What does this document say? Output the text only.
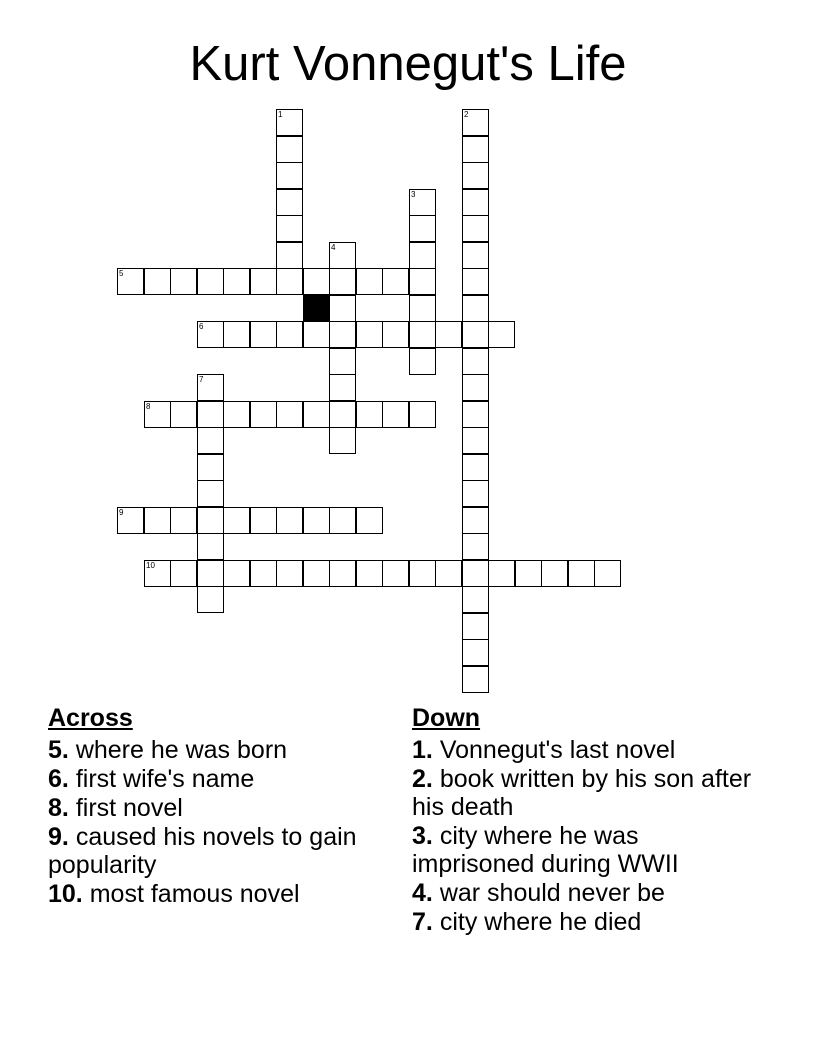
Kurt Vonnegut's Life
1	2
3
4
5
6
7
8
9
10
Across
5. where he was born
6. first wife's name
8. first novel
9. caused his novels to gain popularity
10. most famous novel
Down
1. Vonnegut's last novel
2. book written by his son after his death
3. city where he was imprisoned during WWII
4. war should never be
7. city where he died
